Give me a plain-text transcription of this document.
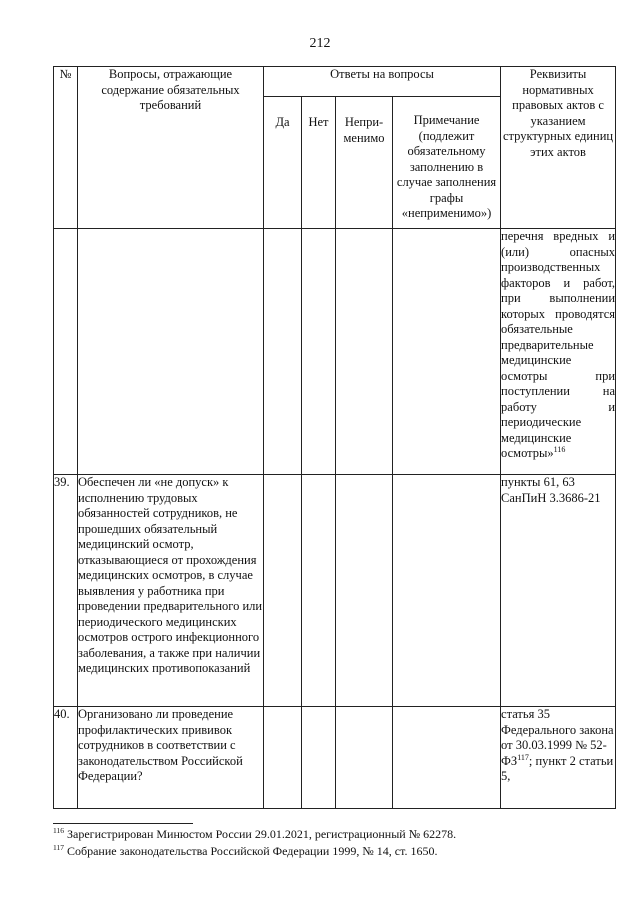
212
№	Вопросы, отражающие содержание обязательных требований	Ответы на вопросы				Реквизиты нормативных правовых актов с указанием структурных единиц этих актов
		Да	Нет	Непри-менимо	Примечание (подлежит обязательному заполнению в случае заполнения графы «неприменимо»)	
						перечня вредных и (или) опасных производственных факторов и работ, при выполнении которых проводятся обязательные предварительные медицинские осмотры при поступлении на работу и периодические медицинские осмотры»$^{116}$
39.	Обеспечен ли «не допуск» к исполнению трудовых обязанностей сотрудников, не прошедших обязательный медицинский осмотр, отказывающиеся от прохождения медицинских осмотров, в случае выявления у работника при проведении предварительного или периодического медицинских осмотров острого инфекционного заболевания, а также при наличии медицинских противопоказаний					пункты 61, 63 СанПиН 3.3686-21
40.	Организовано ли проведение профилактических прививок сотрудников в соответствии с законодательством Российской Федерации?					статья 35 Федерального закона от 30.03.1999 № 52-ФЗ$^{117}$; пункт 2 статьи 5,
$^{116}$ Зарегистрирован Минюстом России 29.01.2021, регистрационный № 62278.
$^{117}$ Собрание законодательства Российской Федерации 1999, № 14, ст. 1650.
